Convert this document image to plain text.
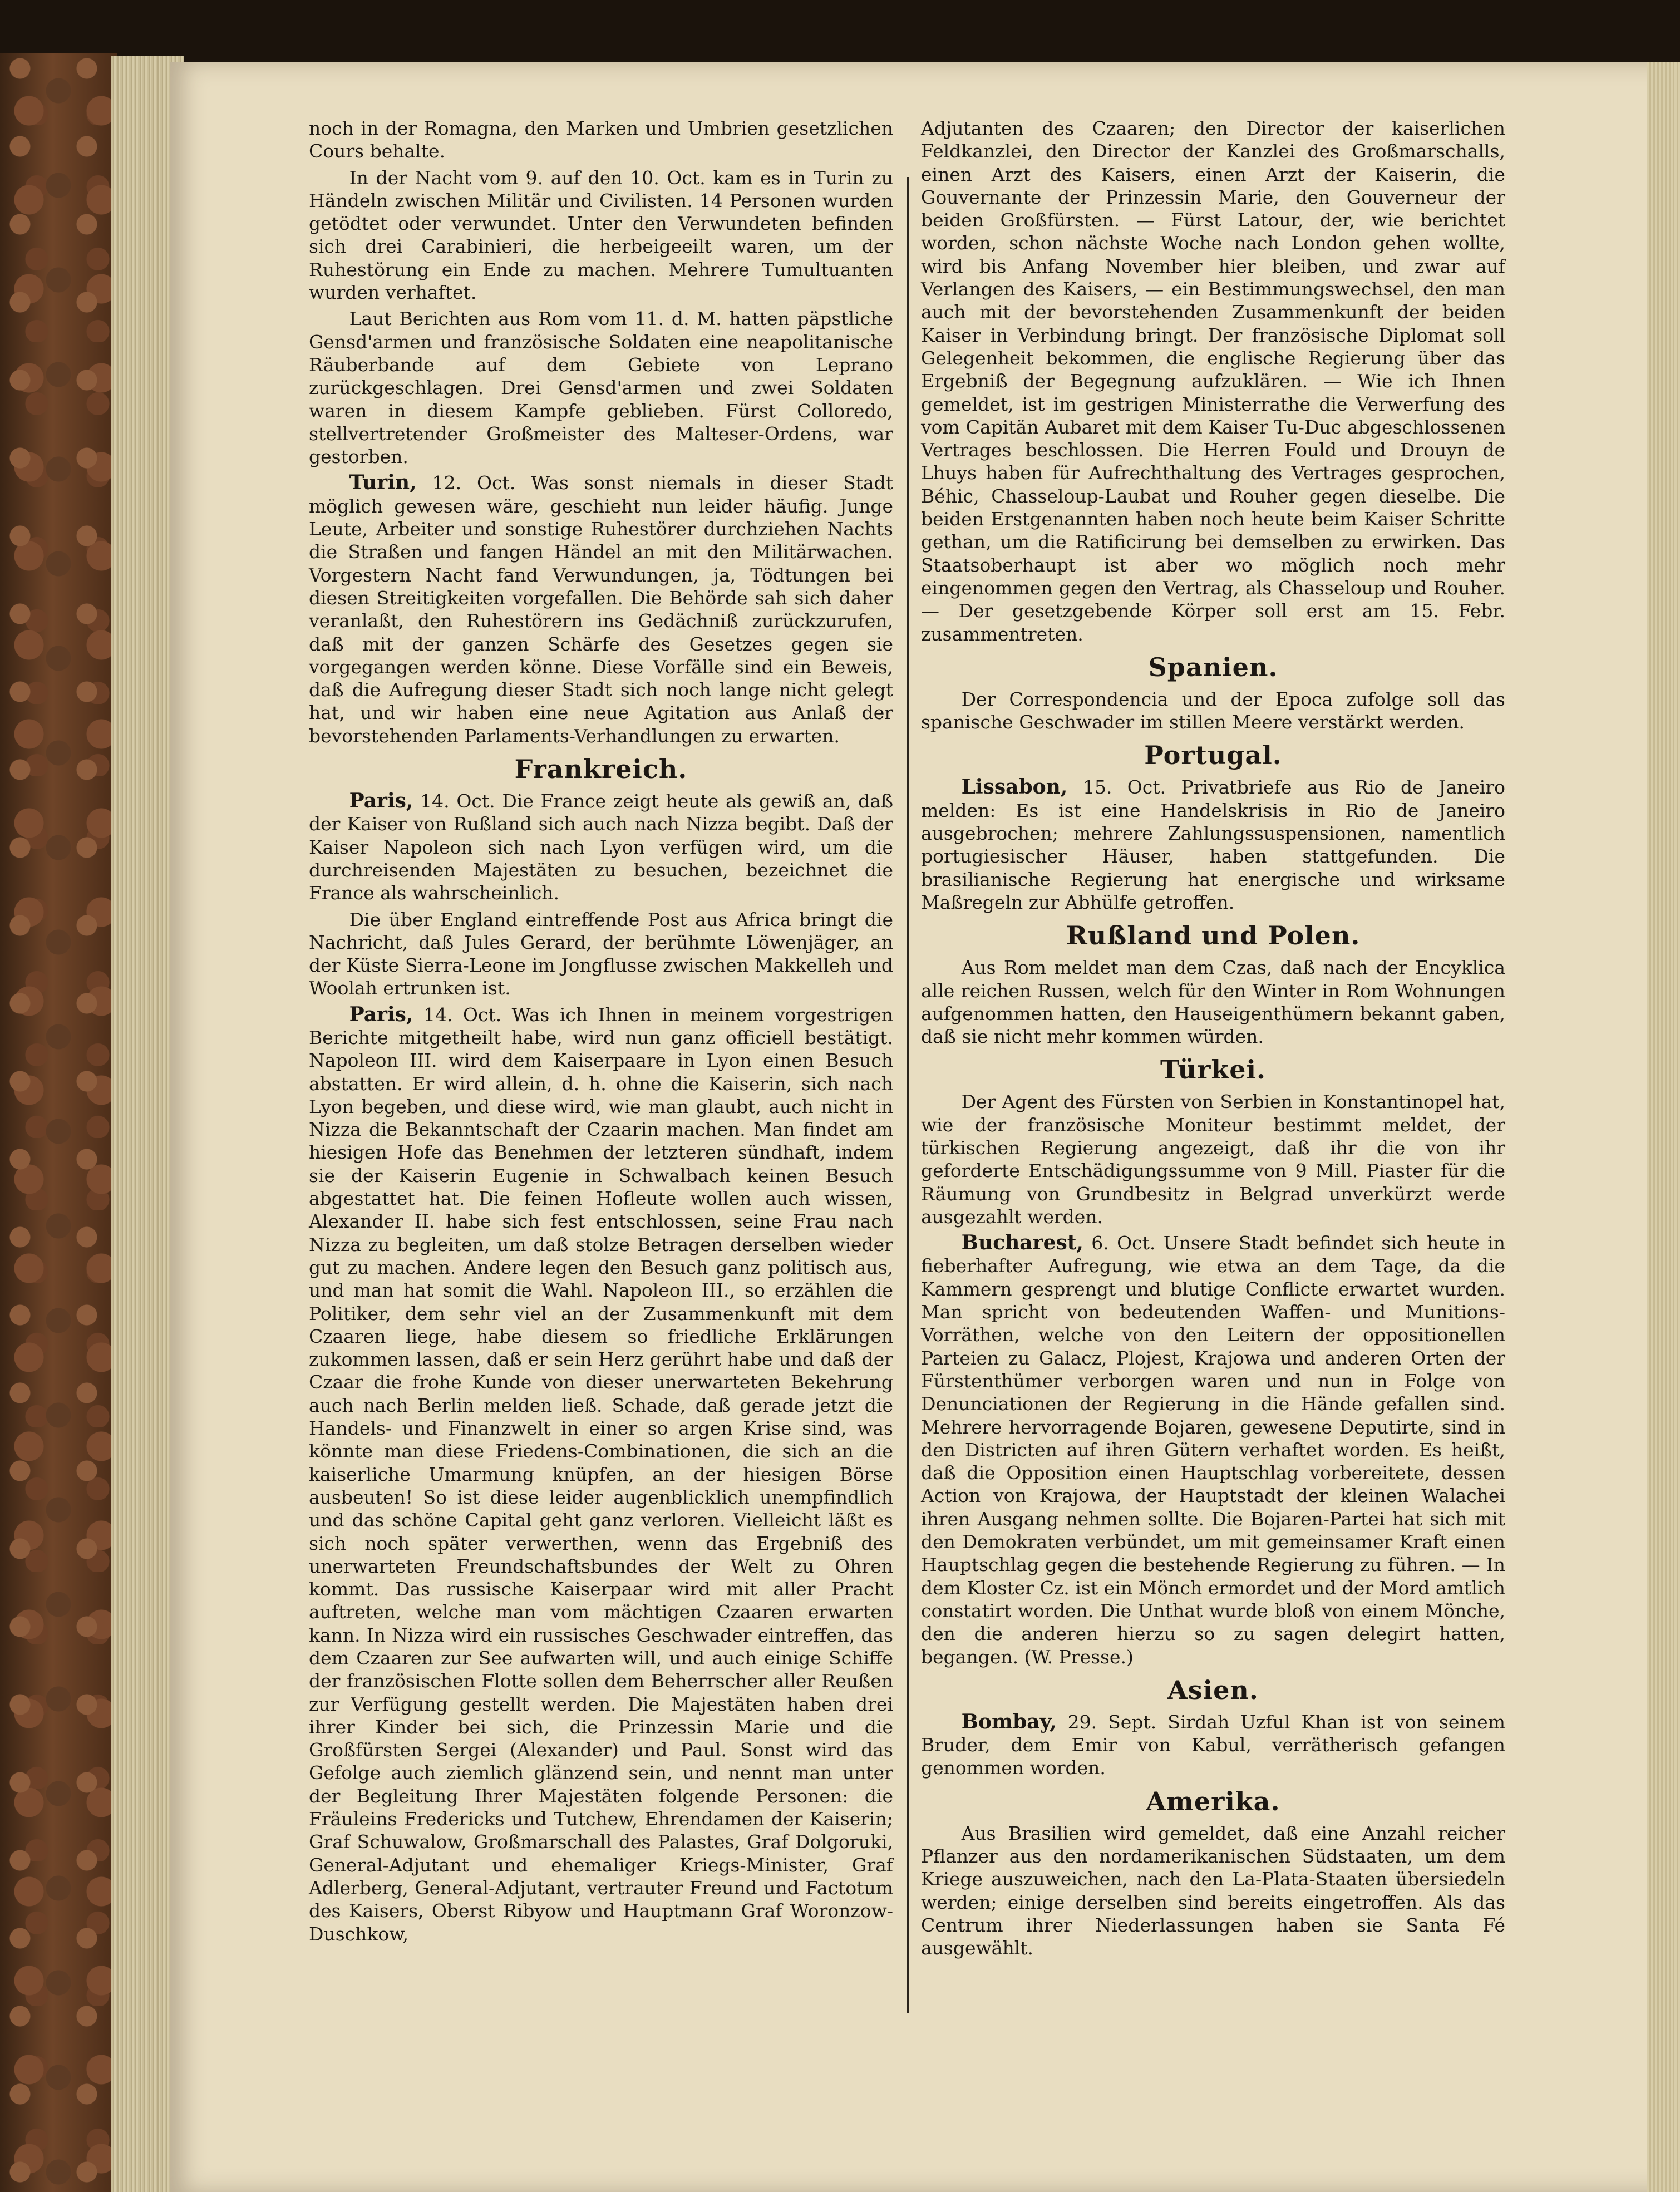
noch in der Romagna, den Marken und Umbrien gesetzlichen Cours behalte.

In der Nacht vom 9. auf den 10. Oct. kam es in Turin zu Händeln zwischen Militär und Civilisten. 14 Personen wurden getödtet oder verwundet. Unter den Verwundeten befinden sich drei Carabinieri, die herbeigeeilt waren, um der Ruhestörung ein Ende zu machen. Mehrere Tumultuanten wurden verhaftet.

Laut Berichten aus Rom vom 11. d. M. hatten päpstliche Gensd'armen und französische Soldaten eine neapolitanische Räuberbande auf dem Gebiete von Leprano zurückgeschlagen. Drei Gensd'armen und zwei Soldaten waren in diesem Kampfe geblieben. Fürst Colloredo, stellvertretender Großmeister des Malteser-Ordens, war gestorben.

Turin, 12. Oct. Was sonst niemals in dieser Stadt möglich gewesen wäre, geschieht nun leider häufig. Junge Leute, Arbeiter und sonstige Ruhestörer durchziehen Nachts die Straßen und fangen Händel an mit den Militärwachen. Vorgestern Nacht fand Verwundungen, ja, Tödtungen bei diesen Streitigkeiten vorgefallen. Die Behörde sah sich daher veranlaßt, den Ruhestörern ins Gedächniß zurückzurufen, daß mit der ganzen Schärfe des Gesetzes gegen sie vorgegangen werden könne. Diese Vorfälle sind ein Beweis, daß die Aufregung dieser Stadt sich noch lange nicht gelegt hat, und wir haben eine neue Agitation aus Anlaß der bevorstehenden Parlaments-Verhandlungen zu erwarten.

Frankreich.

Paris, 14. Oct. Die France zeigt heute als gewiß an, daß der Kaiser von Rußland sich auch nach Nizza begibt. Daß der Kaiser Napoleon sich nach Lyon verfügen wird, um die durchreisenden Majestäten zu besuchen, bezeichnet die France als wahrscheinlich.

Die über England eintreffende Post aus Africa bringt die Nachricht, daß Jules Gerard, der berühmte Löwenjäger, an der Küste Sierra-Leone im Jongflusse zwischen Makkelleh und Woolah ertrunken ist.

Paris, 14. Oct. Was ich Ihnen in meinem vorgestrigen Berichte mitgetheilt habe, wird nun ganz officiell bestätigt. Napoleon III. wird dem Kaiserpaare in Lyon einen Besuch abstatten. Er wird allein, d. h. ohne die Kaiserin, sich nach Lyon begeben, und diese wird, wie man glaubt, auch nicht in Nizza die Bekanntschaft der Czaarin machen. Man findet am hiesigen Hofe das Benehmen der letzteren sündhaft, indem sie der Kaiserin Eugenie in Schwalbach keinen Besuch abgestattet hat. Die feinen Hofleute wollen auch wissen, Alexander II. habe sich fest entschlossen, seine Frau nach Nizza zu begleiten, um daß stolze Betragen derselben wieder gut zu machen. Andere legen den Besuch ganz politisch aus, und man hat somit die Wahl. Napoleon III., so erzählen die Politiker, dem sehr viel an der Zusammenkunft mit dem Czaaren liege, habe diesem so friedliche Erklärungen zukommen lassen, daß er sein Herz gerührt habe und daß der Czaar die frohe Kunde von dieser unerwarteten Bekehrung auch nach Berlin melden ließ. Schade, daß gerade jetzt die Handels- und Finanzwelt in einer so argen Krise sind, was könnte man diese Friedens-Combinationen, die sich an die kaiserliche Umarmung knüpfen, an der hiesigen Börse ausbeuten! So ist diese leider augenblicklich unempfindlich und das schöne Capital geht ganz verloren. Vielleicht läßt es sich noch später verwerthen, wenn das Ergebniß des unerwarteten Freundschaftsbundes der Welt zu Ohren kommt. Das russische Kaiserpaar wird mit aller Pracht auftreten, welche man vom mächtigen Czaaren erwarten kann. In Nizza wird ein russisches Geschwader eintreffen, das dem Czaaren zur See aufwarten will, und auch einige Schiffe der französischen Flotte sollen dem Beherrscher aller Reußen zur Verfügung gestellt werden. Die Majestäten haben drei ihrer Kinder bei sich, die Prinzessin Marie und die Großfürsten Sergei (Alexander) und Paul. Sonst wird das Gefolge auch ziemlich glänzend sein, und nennt man unter der Begleitung Ihrer Majestäten folgende Personen: die Fräuleins Fredericks und Tutchew, Ehrendamen der Kaiserin; Graf Schuwalow, Großmarschall des Palastes, Graf Dolgoruki, General-Adjutant und ehemaliger Kriegs-Minister, Graf Adlerberg, General-Adjutant, vertrauter Freund und Factotum des Kaisers, Oberst Ribyow und Hauptmann Graf Woronzow-Duschkow,

Adjutanten des Czaaren; den Director der kaiserlichen Feldkanzlei, den Director der Kanzlei des Großmarschalls, einen Arzt des Kaisers, einen Arzt der Kaiserin, die Gouvernante der Prinzessin Marie, den Gouverneur der beiden Großfürsten. — Fürst Latour, der, wie berichtet worden, schon nächste Woche nach London gehen wollte, wird bis Anfang November hier bleiben, und zwar auf Verlangen des Kaisers, — ein Bestimmungswechsel, den man auch mit der bevorstehenden Zusammenkunft der beiden Kaiser in Verbindung bringt. Der französische Diplomat soll Gelegenheit bekommen, die englische Regierung über das Ergebniß der Begegnung aufzuklären. — Wie ich Ihnen gemeldet, ist im gestrigen Ministerrathe die Verwerfung des vom Capitän Aubaret mit dem Kaiser Tu-Duc abgeschlossenen Vertrages beschlossen. Die Herren Fould und Drouyn de Lhuys haben für Aufrechthaltung des Vertrages gesprochen, Béhic, Chasseloup-Laubat und Rouher gegen dieselbe. Die beiden Erstgenannten haben noch heute beim Kaiser Schritte gethan, um die Ratificirung bei demselben zu erwirken. Das Staatsoberhaupt ist aber wo möglich noch mehr eingenommen gegen den Vertrag, als Chasseloup und Rouher. — Der gesetzgebende Körper soll erst am 15. Febr. zusammentreten.

Spanien.

Der Correspondencia und der Epoca zufolge soll das spanische Geschwader im stillen Meere verstärkt werden.

Portugal.

Lissabon, 15. Oct. Privatbriefe aus Rio de Janeiro melden: Es ist eine Handelskrisis in Rio de Janeiro ausgebrochen; mehrere Zahlungssuspensionen, namentlich portugiesischer Häuser, haben stattgefunden. Die brasilianische Regierung hat energische und wirksame Maßregeln zur Abhülfe getroffen.

Rußland und Polen.

Aus Rom meldet man dem Czas, daß nach der Encyklica alle reichen Russen, welch für den Winter in Rom Wohnungen aufgenommen hatten, den Hauseigenthümern bekannt gaben, daß sie nicht mehr kommen würden.

Türkei.

Der Agent des Fürsten von Serbien in Konstantinopel hat, wie der französische Moniteur bestimmt meldet, der türkischen Regierung angezeigt, daß ihr die von ihr geforderte Entschädigungssumme von 9 Mill. Piaster für die Räumung von Grundbesitz in Belgrad unverkürzt werde ausgezahlt werden.

Bucharest, 6. Oct. Unsere Stadt befindet sich heute in fieberhafter Aufregung, wie etwa an dem Tage, da die Kammern gesprengt und blutige Conflicte erwartet wurden. Man spricht von bedeutenden Waffen- und Munitions-Vorräthen, welche von den Leitern der oppositionellen Parteien zu Galacz, Plojest, Krajowa und anderen Orten der Fürstenthümer verborgen waren und nun in Folge von Denunciationen der Regierung in die Hände gefallen sind. Mehrere hervorragende Bojaren, gewesene Deputirte, sind in den Districten auf ihren Gütern verhaftet worden. Es heißt, daß die Opposition einen Hauptschlag vorbereitete, dessen Action von Krajowa, der Hauptstadt der kleinen Walachei ihren Ausgang nehmen sollte. Die Bojaren-Partei hat sich mit den Demokraten verbündet, um mit gemeinsamer Kraft einen Hauptschlag gegen die bestehende Regierung zu führen. — In dem Kloster Cz. ist ein Mönch ermordet und der Mord amtlich constatirt worden. Die Unthat wurde bloß von einem Mönche, den die anderen hierzu so zu sagen delegirt hatten, begangen. (W. Presse.)

Asien.

Bombay, 29. Sept. Sirdah Uzful Khan ist von seinem Bruder, dem Emir von Kabul, verrätherisch gefangen genommen worden.

Amerika.

Aus Brasilien wird gemeldet, daß eine Anzahl reicher Pflanzer aus den nordamerikanischen Südstaaten, um dem Kriege auszuweichen, nach den La-Plata-Staaten übersiedeln werden; einige derselben sind bereits eingetroffen. Als das Centrum ihrer Niederlassungen haben sie Santa Fé ausgewählt.
